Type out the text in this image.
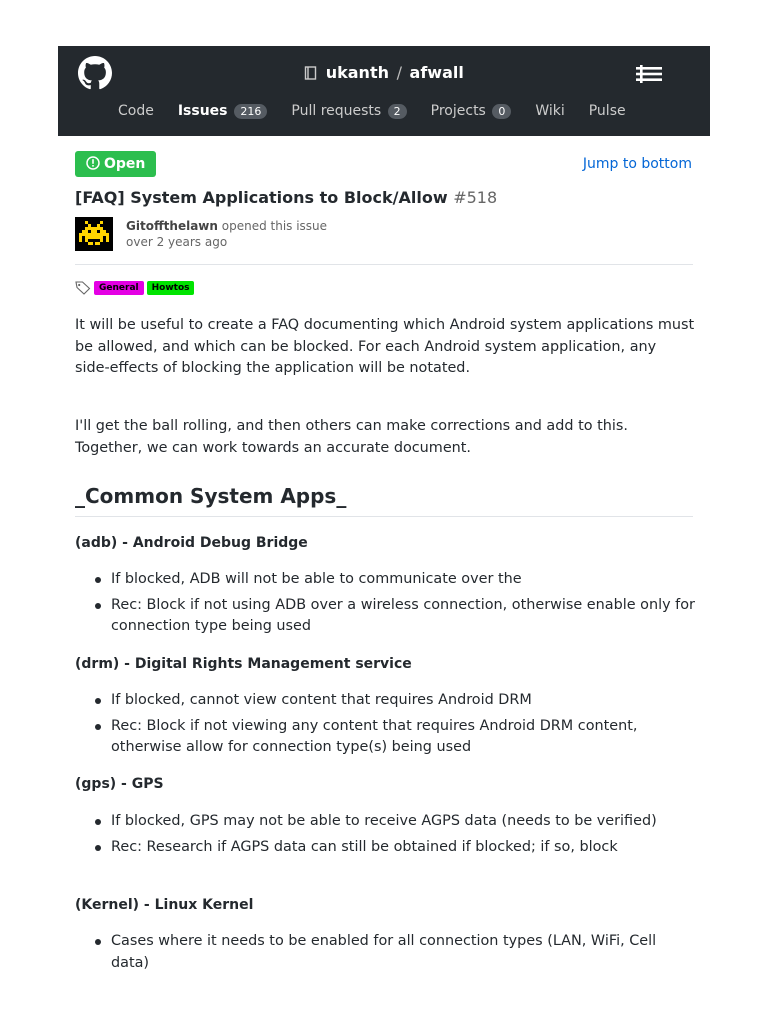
ukanth / afwall
Code Issues 216	Pull requests 2	Projects 0	Wiki Pulse
Open	Jump to bottom
[FAQ] System Applications to Block/Allow #518
Gitoffthelawn opened this issue
over 2 years ago
General	Howtos
It will be useful to create a FAQ documenting which Android system applications must be allowed, and which can be blocked. For each Android system application, any side-effects of blocking the application will be notated.
I'll get the ball rolling, and then others can make corrections and add to this. Together, we can work towards an accurate document.
_Common System Apps_
(adb) - Android Debug Bridge
If blocked, ADB will not be able to communicate over the
Rec: Block if not using ADB over a wireless connection, otherwise enable only for connection type being used
(drm) - Digital Rights Management service
If blocked, cannot view content that requires Android DRM
Rec: Block if not viewing any content that requires Android DRM content, otherwise allow for connection type(s) being used
(gps) - GPS
If blocked, GPS may not be able to receive AGPS data (needs to be verified)
Rec: Research if AGPS data can still be obtained if blocked; if so, block
(Kernel) - Linux Kernel
Cases where it needs to be enabled for all connection types (LAN, WiFi, Cell data)
